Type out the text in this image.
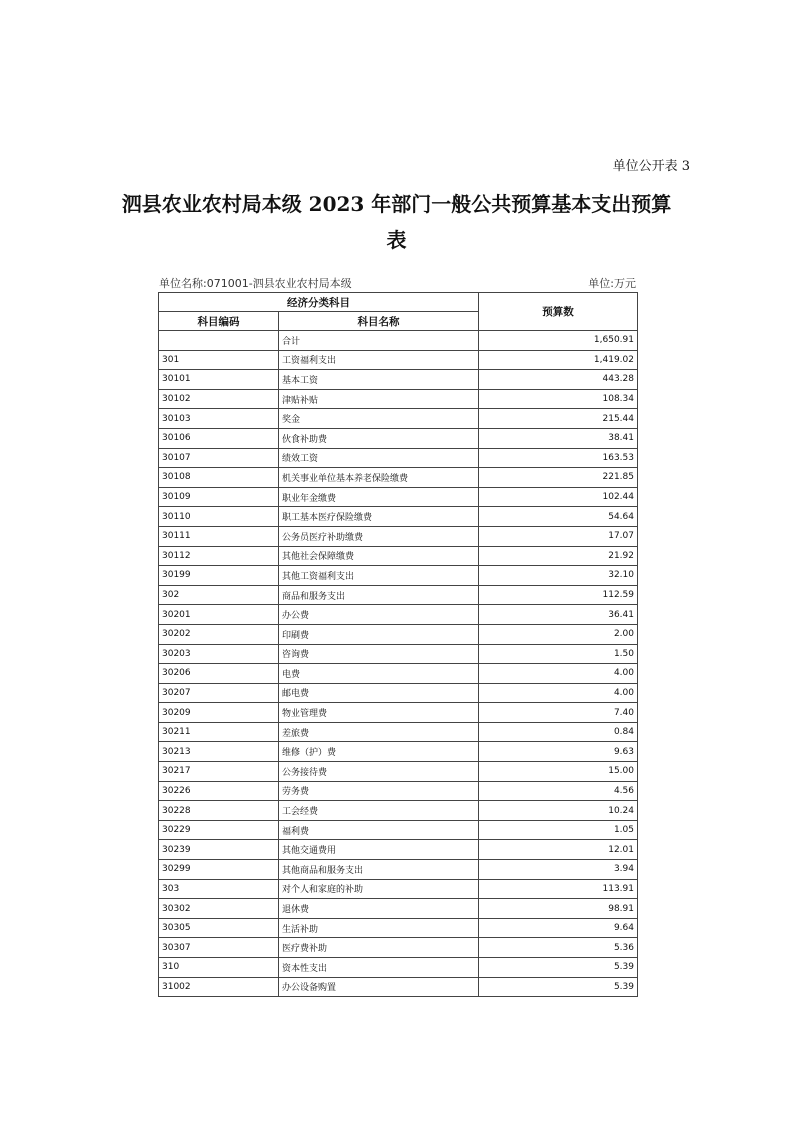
单位公开表 3
泗县农业农村局本级 2023 年部门一般公共预算基本支出预算
表
单位名称:071001-泗县农业农村局本级	单位:万元
经济分类科目		预算数
科目编码	科目名称	
	合计	1,650.91
301	工资福利支出	1,419.02
30101	基本工资	443.28
30102	津贴补贴	108.34
30103	奖金	215.44
30106	伙食补助费	38.41
30107	绩效工资	163.53
30108	机关事业单位基本养老保险缴费	221.85
30109	职业年金缴费	102.44
30110	职工基本医疗保险缴费	54.64
30111	公务员医疗补助缴费	17.07
30112	其他社会保障缴费	21.92
30199	其他工资福利支出	32.10
302	商品和服务支出	112.59
30201	办公费	36.41
30202	印刷费	2.00
30203	咨询费	1.50
30206	电费	4.00
30207	邮电费	4.00
30209	物业管理费	7.40
30211	差旅费	0.84
30213	维修（护）费	9.63
30217	公务接待费	15.00
30226	劳务费	4.56
30228	工会经费	10.24
30229	福利费	1.05
30239	其他交通费用	12.01
30299	其他商品和服务支出	3.94
303	对个人和家庭的补助	113.91
30302	退休费	98.91
30305	生活补助	9.64
30307	医疗费补助	5.36
310	资本性支出	5.39
31002	办公设备购置	5.39
